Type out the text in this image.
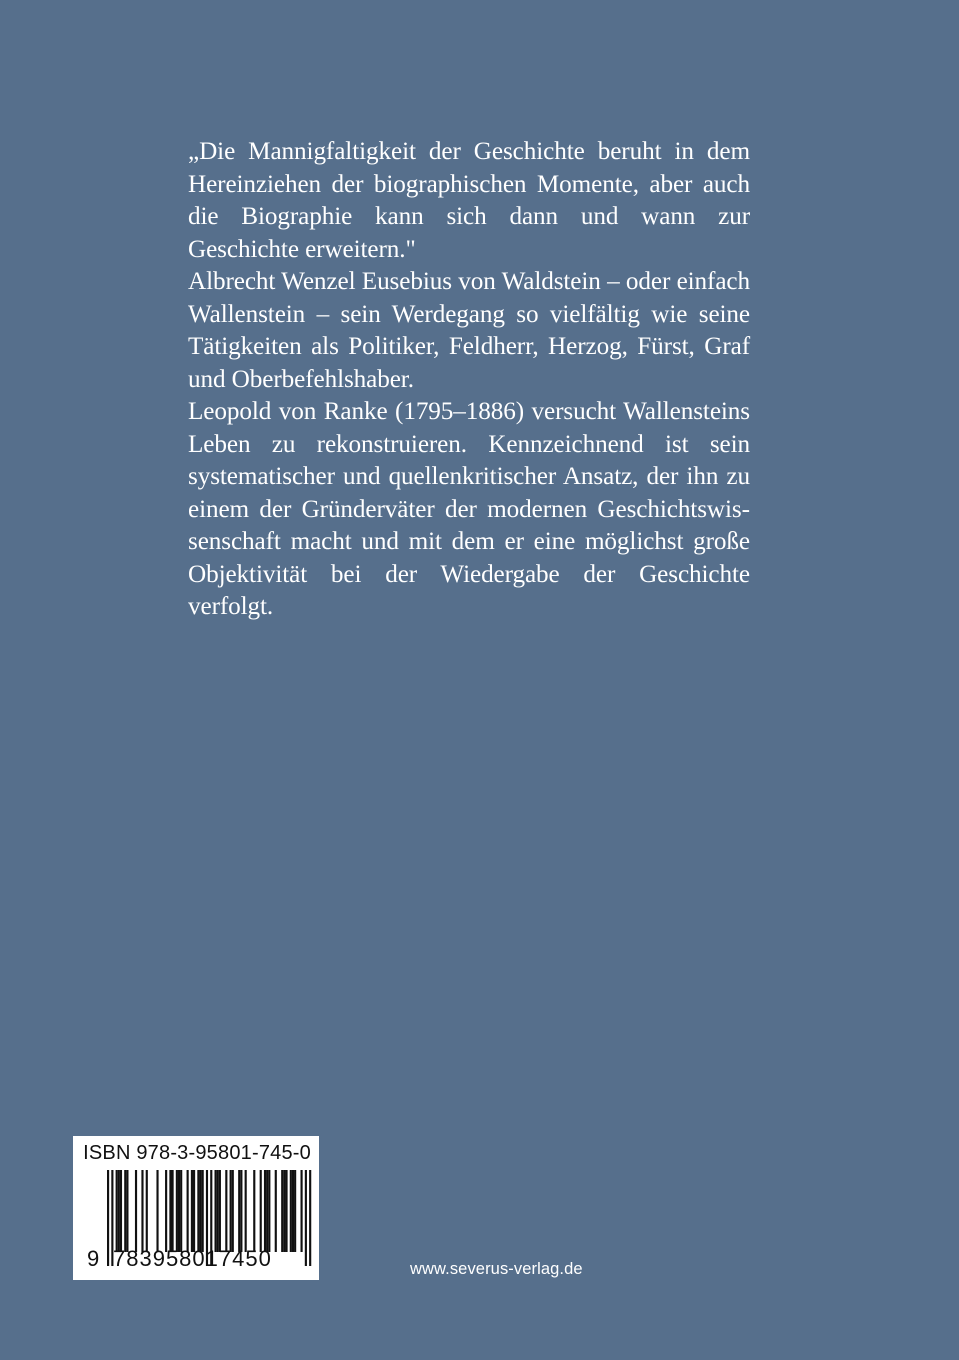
„Die Mannigfaltigkeit der Geschichte beruht in dem Hereinziehen der biographischen Momente, aber auch die Biographie kann sich dann und wann zur Geschichte erweitern."

Albrecht Wenzel Eusebius von Waldstein – oder einfach Wallenstein – sein Werdegang so vielfältig wie seine Tätigkeiten als Politiker, Feldherr, Herzog, Fürst, Graf und Oberbefehlshaber.

Leopold von Ranke (1795–1886) versucht Wallensteins Leben zu rekonstruieren. Kennzeichnend ist sein systematischer und quellenkritischer Ansatz, der ihn zu einem der Gründerväter der modernen Geschichtswissenschaft macht und mit dem er eine möglichst große Objektivität bei der Wiedergabe der Geschichte verfolgt.

ISBN 978-3-95801-745-0
9 783958017450	www.severus-verlag.de
